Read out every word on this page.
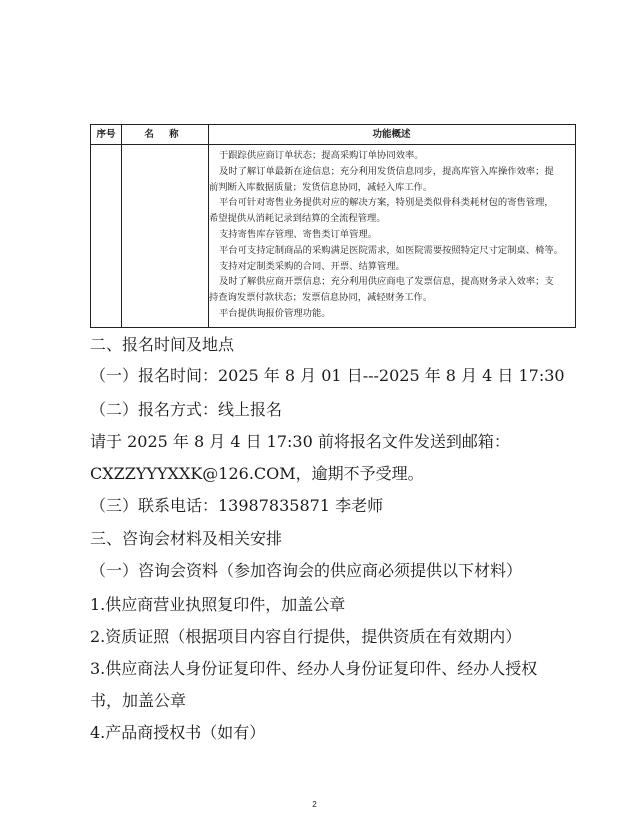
序号	名 称	功能概述
于跟踪供应商订单状态；提高采购订单协同效率。
及时了解订单最新在途信息；充分利用发货信息同步，提高库管入库操作效率；提
前判断入库数据质量；发货信息协同，减轻入库工作。
平台可针对寄售业务提供对应的解决方案，特别是类似骨科类耗材包的寄售管理，
希望提供从消耗记录到结算的全流程管理。
支持寄售库存管理、寄售类订单管理。
平台可支持定制商品的采购满足医院需求，如医院需要按照特定尺寸定制桌、椅等。
支持对定制类采购的合同、开票、结算管理。
及时了解供应商开票信息；充分利用供应商电了发票信息，提高财务录入效率；支
持查询发票付款状态；发票信息协同，减轻财务工作。
平台提供询报价管理功能。
二、报名时间及地点
（一）报名时间：2025 年 8 月 01 日---2025 年 8 月 4 日 17:30
（二）报名方式：线上报名
请于 2025 年 8 月 4 日 17:30 前将报名文件发送到邮箱：
CXZZYYYXXK@126.COM，逾期不予受理。
（三）联系电话：13987835871 李老师
三、咨询会材料及相关安排
（一）咨询会资料（参加咨询会的供应商必须提供以下材料）
1.供应商营业执照复印件，加盖公章
2.资质证照（根据项目内容自行提供，提供资质在有效期内）
3.供应商法人身份证复印件、经办人身份证复印件、经办人授权
书，加盖公章
4.产品商授权书（如有）
2
